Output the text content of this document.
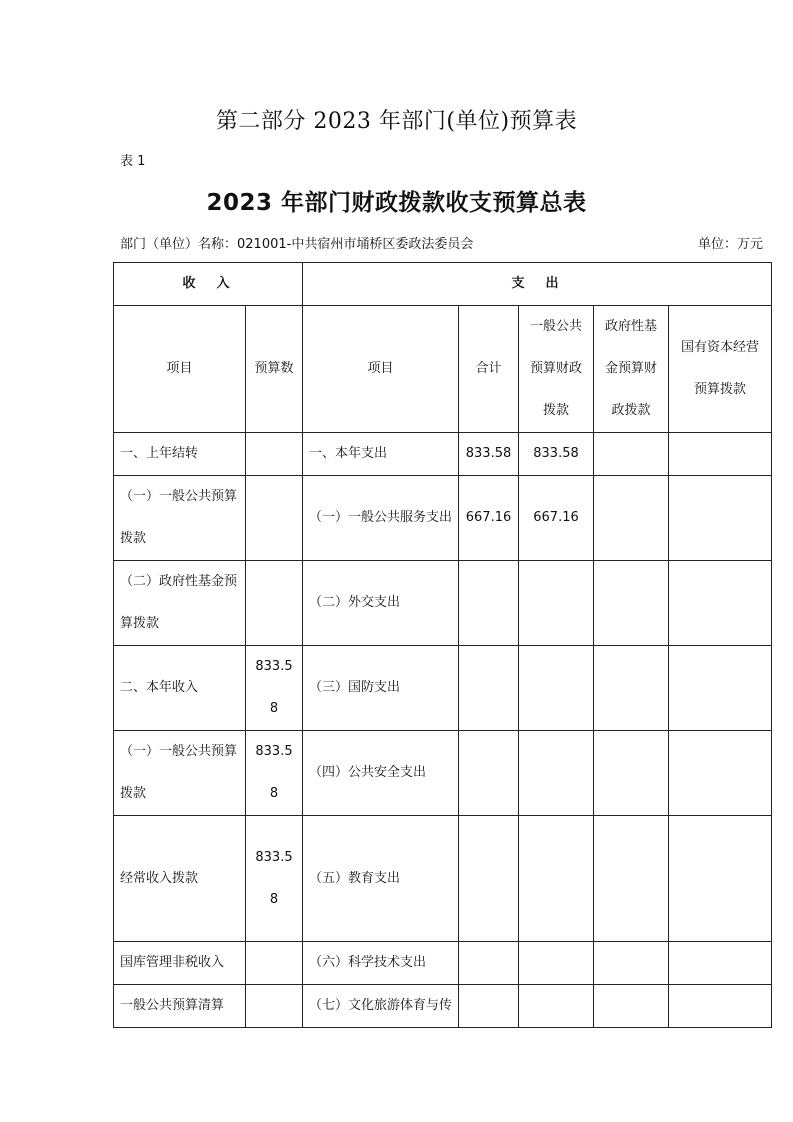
第二部分 2023 年部门(单位)预算表
表 1
2023 年部门财政拨款收支预算总表
部门（单位）名称：021001-中共宿州市埇桥区委政法委员会	单位：万元
收　入		支　出				
项目	预算数	项目	合计	一般公共预算财政拨款	政府性基金预算财政拨款	国有资本经营预算拨款
一、上年结转		一、本年支出	833.58	833.58		
（一）一般公共预算拨款		（一）一般公共服务支出	667.16	667.16		
（二）政府性基金预算拨款		（二）外交支出				
二、本年收入	833.58	（三）国防支出				
（一）一般公共预算拨款	833.58	（四）公共安全支出				
经常收入拨款	833.58	（五）教育支出				
国库管理非税收入		（六）科学技术支出				
一般公共预算清算		（七）文化旅游体育与传				
